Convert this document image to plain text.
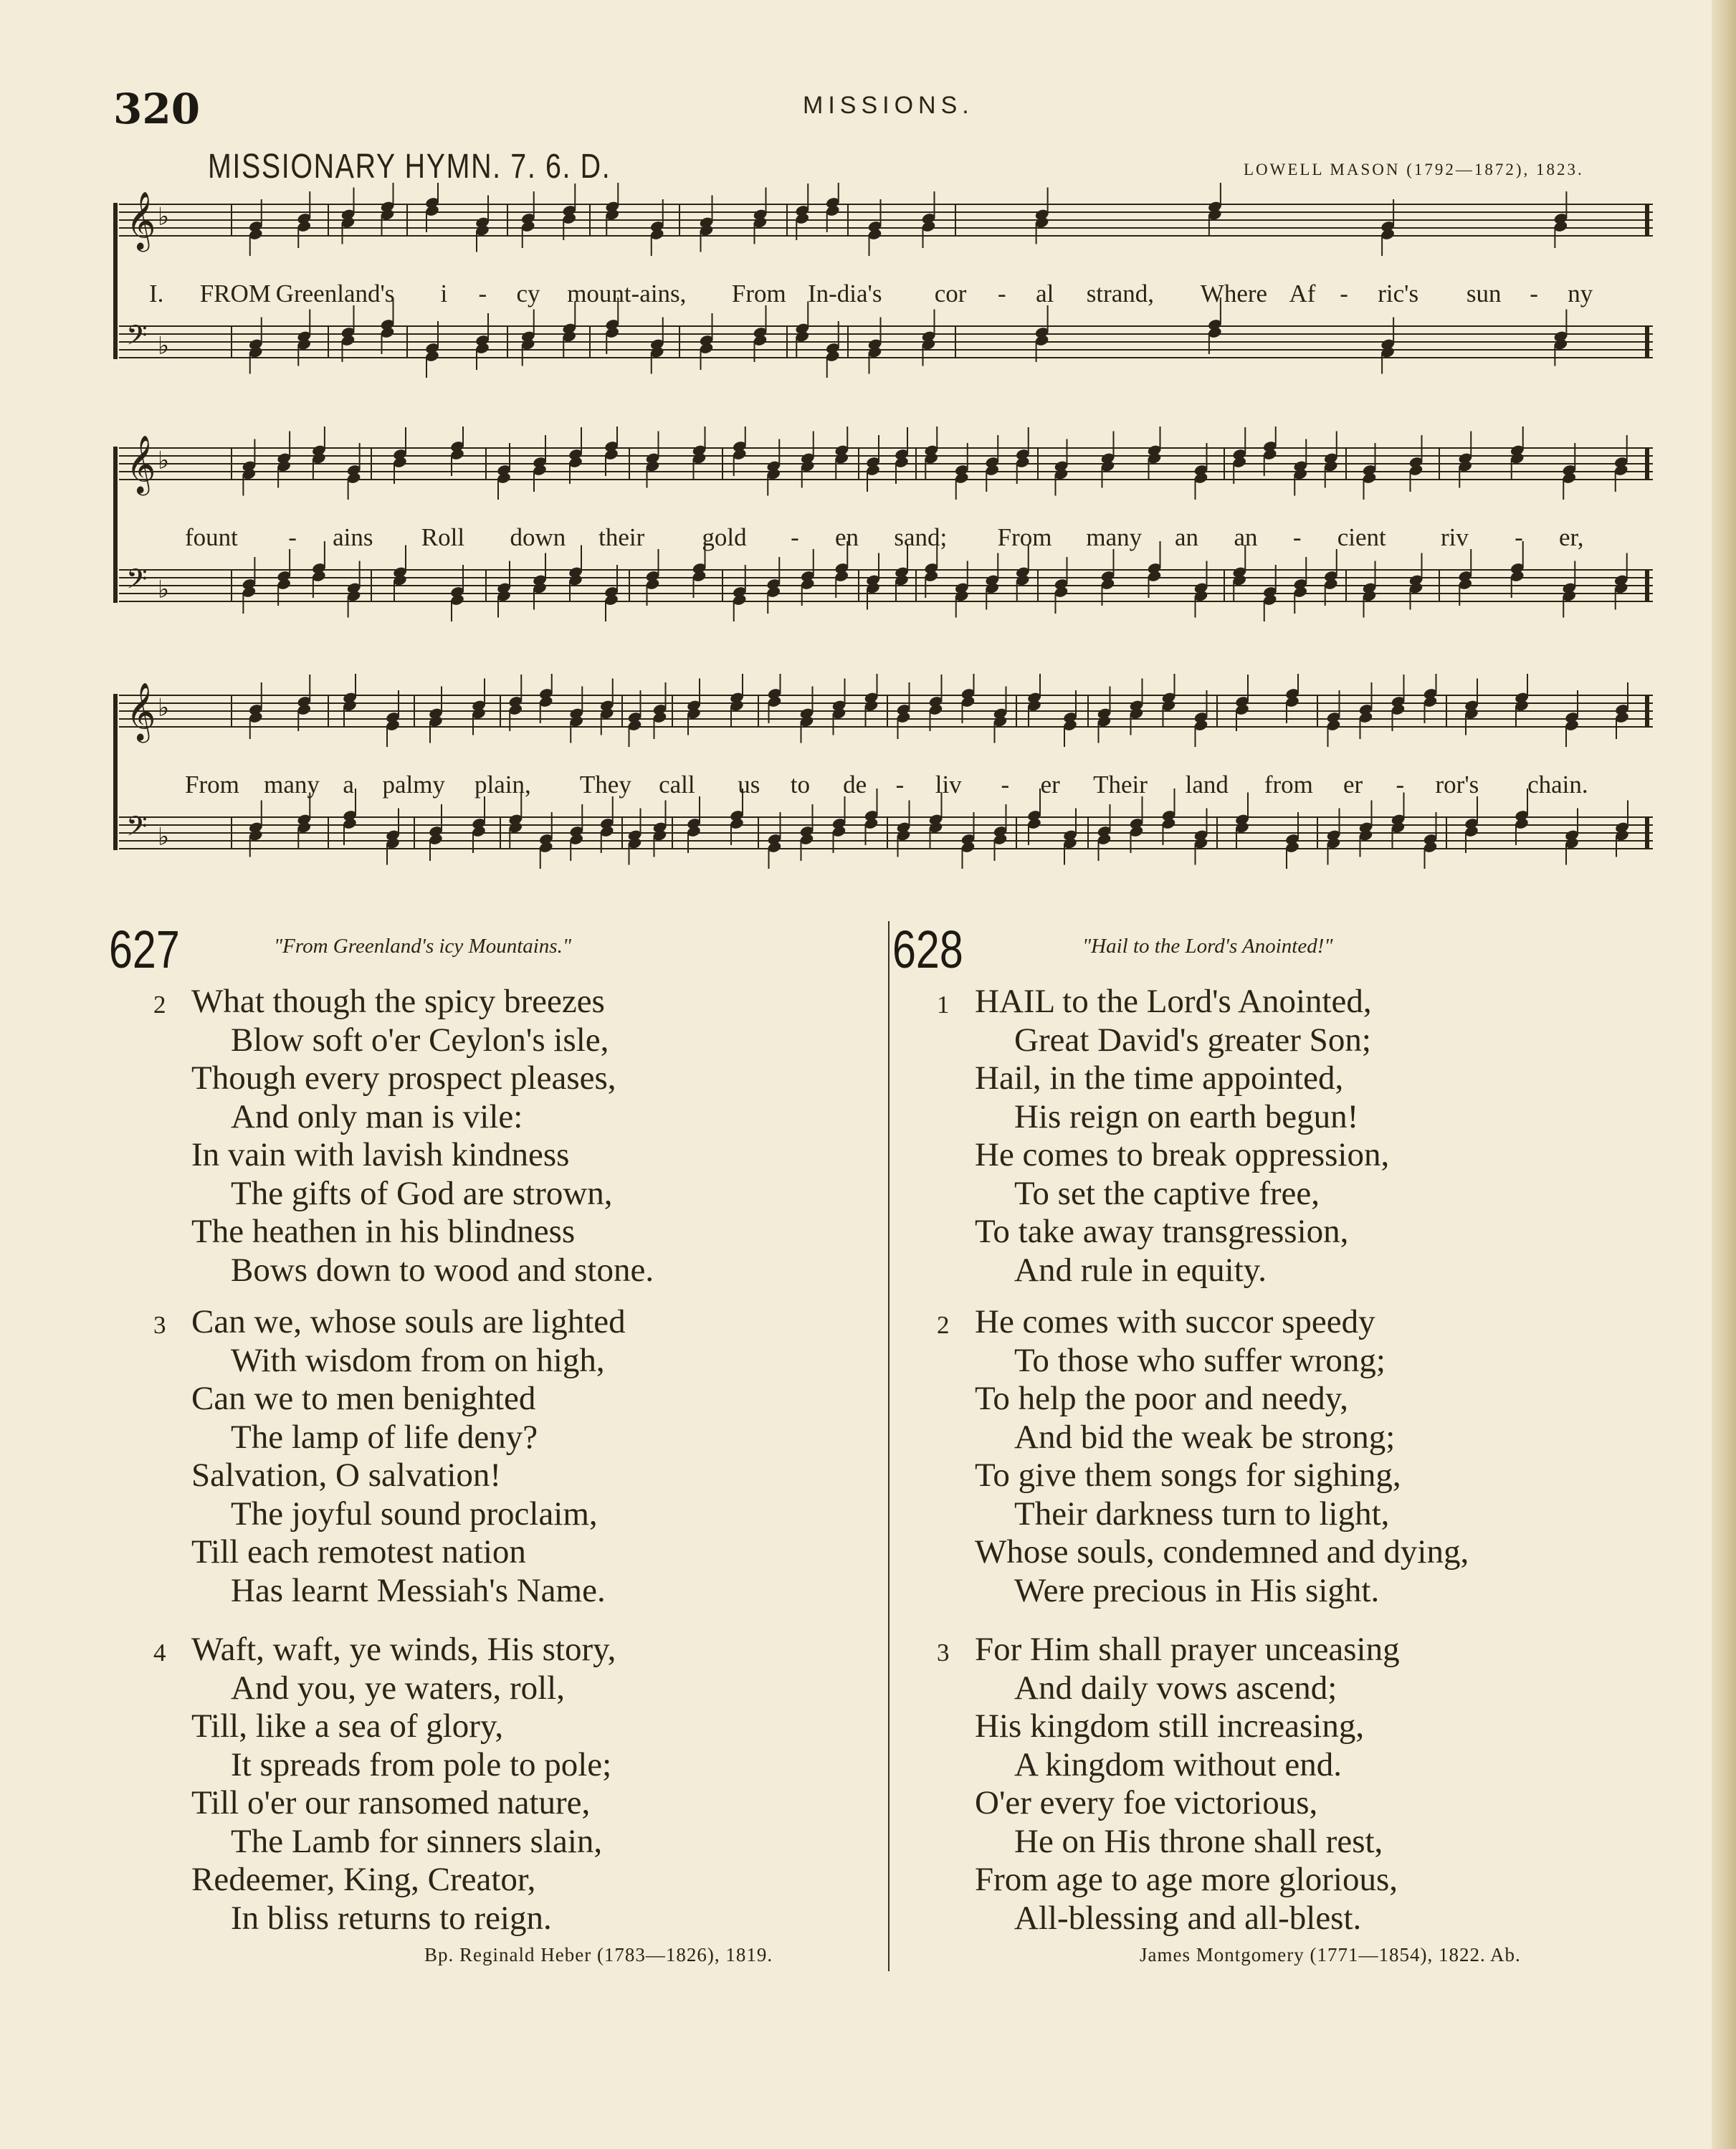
320	MISSIONS.
MISSIONARY HYMN. 7. 6. D.	LOWELL MASON (1792—1872), 1823.
𝄞 ♭
𝄢 ♭
I. FROM Greenland's i - cy mount-ains, From In-dia's cor - al strand, Where Af - ric's sun - ny
𝄞 ♭
𝄢 ♭
fount - ains Roll down their gold - en sand; From many an an - cient riv - er,
𝄞 ♭
𝄢 ♭
From many a palmy plain, They call us to de - liv - er Their land from er - ror's chain.
627	"From Greenland's icy Mountains."
2 What though the spicy breezes
Blow soft o'er Ceylon's isle,
Though every prospect pleases,
And only man is vile:
In vain with lavish kindness
The gifts of God are strown,
The heathen in his blindness
Bows down to wood and stone.
3 Can we, whose souls are lighted
With wisdom from on high,
Can we to men benighted
The lamp of life deny?
Salvation, O salvation!
The joyful sound proclaim,
Till each remotest nation
Has learnt Messiah's Name.
4 Waft, waft, ye winds, His story,
And you, ye waters, roll,
Till, like a sea of glory,
It spreads from pole to pole;
Till o'er our ransomed nature,
The Lamb for sinners slain,
Redeemer, King, Creator,
In bliss returns to reign.
Bp. Reginald Heber (1783—1826), 1819.
628	"Hail to the Lord's Anointed!"
1 HAIL to the Lord's Anointed,
Great David's greater Son;
Hail, in the time appointed,
His reign on earth begun!
He comes to break oppression,
To set the captive free,
To take away transgression,
And rule in equity.
2 He comes with succor speedy
To those who suffer wrong;
To help the poor and needy,
And bid the weak be strong;
To give them songs for sighing,
Their darkness turn to light,
Whose souls, condemned and dying,
Were precious in His sight.
3 For Him shall prayer unceasing
And daily vows ascend;
His kingdom still increasing,
A kingdom without end.
O'er every foe victorious,
He on His throne shall rest,
From age to age more glorious,
All-blessing and all-blest.
James Montgomery (1771—1854), 1822. Ab.
